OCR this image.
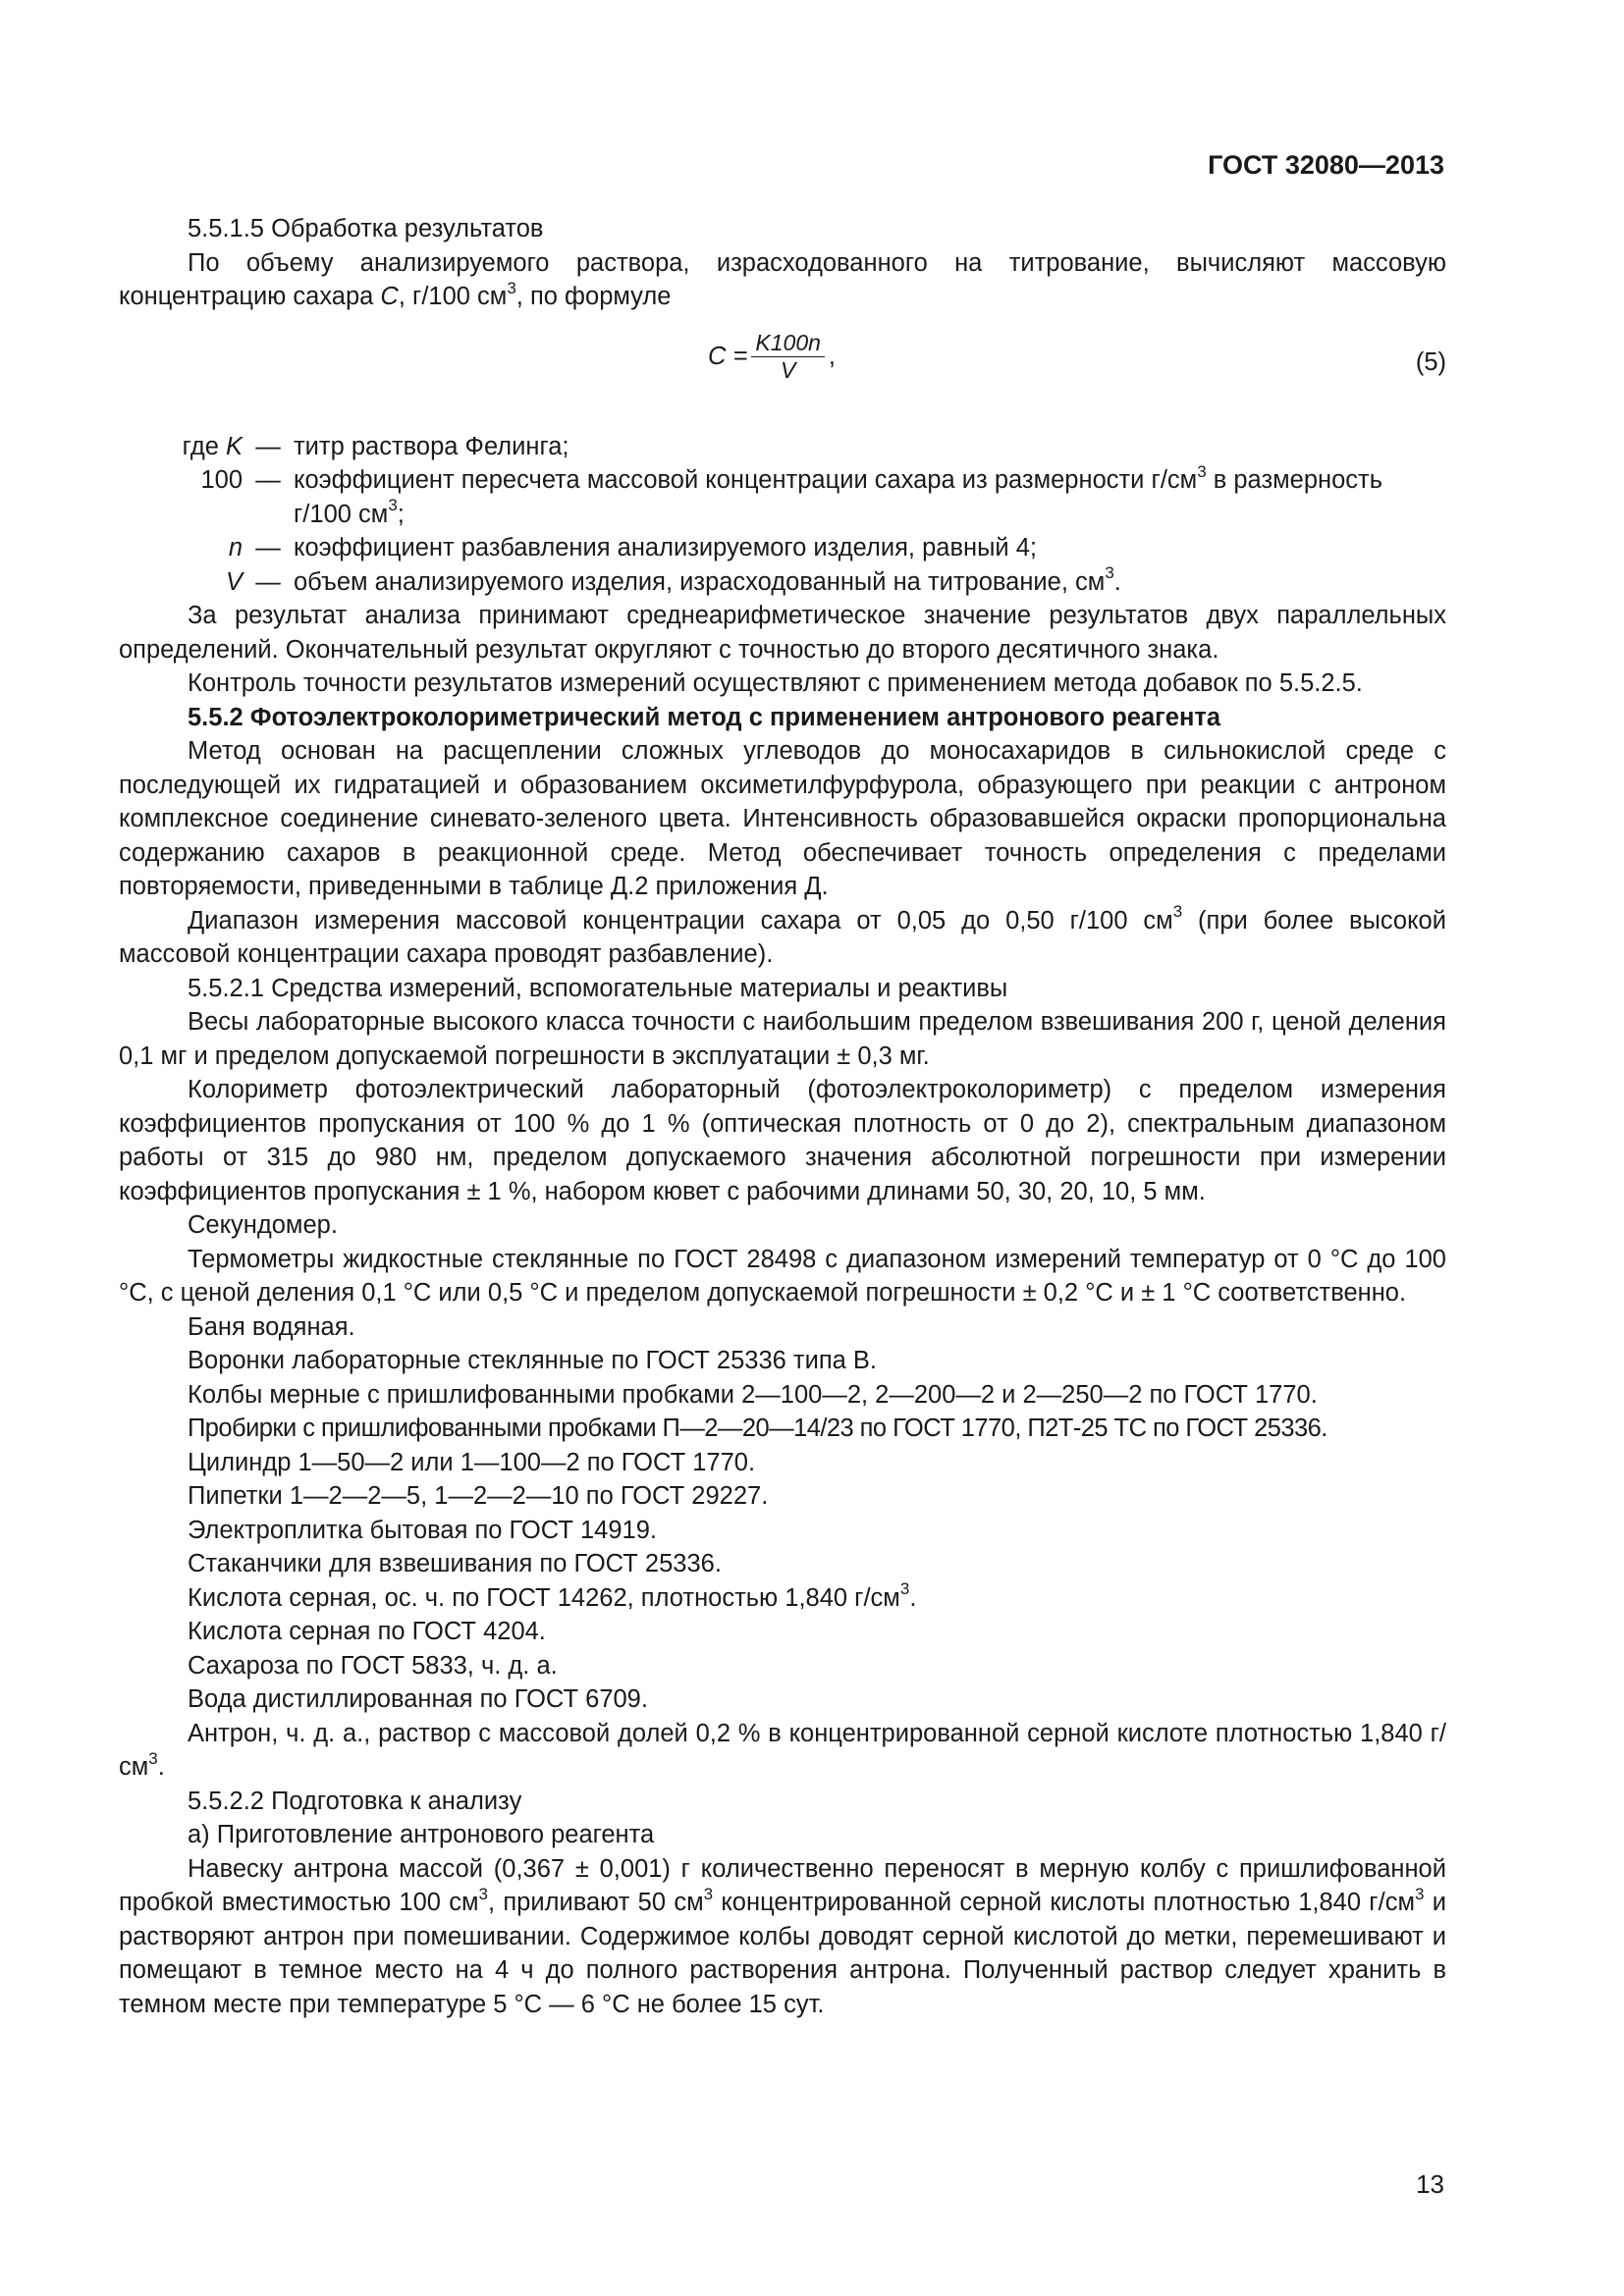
ГОСТ 32080—2013

5.5.1.5 Обработка результатов

По объему анализируемого раствора, израсходованного на титрование, вычисляют массовую концентрацию сахара C, г/100 $см^3$, по формуле

$C = \frac{K100n}{V}$ ,	(5)
где K	—	титр раствора Фелинга;
100	—	коэффициент пересчета массовой концентрации сахара из размерности $г/см^3$ в размерность г/100 $см^3$;
n	—	коэффициент разбавления анализируемого изделия, равный 4;
V	—	объем анализируемого изделия, израсходованный на титрование, $см^3$.

За результат анализа принимают среднеарифметическое значение результатов двух параллельных определений. Окончательный результат округляют с точностью до второго десятичного знака.

Контроль точности результатов измерений осуществляют с применением метода добавок по 5.5.2.5.

5.5.2 Фотоэлектроколориметрический метод с применением антронового реагента

Метод основан на расщеплении сложных углеводов до моносахаридов в сильнокислой среде с последующей их гидратацией и образованием оксиметилфурфурола, образующего при реакции с антроном комплексное соединение синевато-зеленого цвета. Интенсивность образовавшейся окраски пропорциональна содержанию сахаров в реакционной среде. Метод обеспечивает точность определения с пределами повторяемости, приведенными в таблице Д.2 приложения Д.

Диапазон измерения массовой концентрации сахара от 0,05 до 0,50 г/100 $см^3$ (при более высокой массовой концентрации сахара проводят разбавление).

5.5.2.1 Средства измерений, вспомогательные материалы и реактивы

Весы лабораторные высокого класса точности с наибольшим пределом взвешивания 200 г, ценой деления 0,1 мг и пределом допускаемой погрешности в эксплуатации ± 0,3 мг.

Колориметр фотоэлектрический лабораторный (фотоэлектроколориметр) с пределом измерения коэффициентов пропускания от 100 % до 1 % (оптическая плотность от 0 до 2), спектральным диапазоном работы от 315 до 980 нм, пределом допускаемого значения абсолютной погрешности при измерении коэффициентов пропускания ± 1 %, набором кювет с рабочими длинами 50, 30, 20, 10, 5 мм.

Секундомер.

Термометры жидкостные стеклянные по ГОСТ 28498 с диапазоном измерений температур от 0 °С до 100 °С, с ценой деления 0,1 °С или 0,5 °С и пределом допускаемой погрешности ± 0,2 °С и ± 1 °С соответственно.

Баня водяная.

Воронки лабораторные стеклянные по ГОСТ 25336 типа В.

Колбы мерные с пришлифованными пробками 2—100—2, 2—200—2 и 2—250—2 по ГОСТ 1770.

Пробирки с пришлифованными пробками П—2—20—14/23 по ГОСТ 1770, П2Т-25 ТС по ГОСТ 25336.

Цилиндр 1—50—2 или 1—100—2 по ГОСТ 1770.

Пипетки 1—2—2—5, 1—2—2—10 по ГОСТ 29227.

Электроплитка бытовая по ГОСТ 14919.

Стаканчики для взвешивания по ГОСТ 25336.

Кислота серная, ос. ч. по ГОСТ 14262, плотностью 1,840 $г/см^3$.

Кислота серная по ГОСТ 4204.

Сахароза по ГОСТ 5833, ч. д. а.

Вода дистиллированная по ГОСТ 6709.

Антрон, ч. д. а., раствор с массовой долей 0,2 % в концентрированной серной кислоте плотностью 1,840 $г/см^3$.

5.5.2.2 Подготовка к анализу

а) Приготовление антронового реагента

Навеску антрона массой (0,367 ± 0,001) г количественно переносят в мерную колбу с пришлифованной пробкой вместимостью 100 $см^3$, приливают 50 $см^3$ концентрированной серной кислоты плотностью 1,840 $г/см^3$ и растворяют антрон при помешивании. Содержимое колбы доводят серной кислотой до метки, перемешивают и помещают в темное место на 4 ч до полного растворения антрона. Полученный раствор следует хранить в темном месте при температуре 5 °С — 6 °С не более 15 сут.

13
